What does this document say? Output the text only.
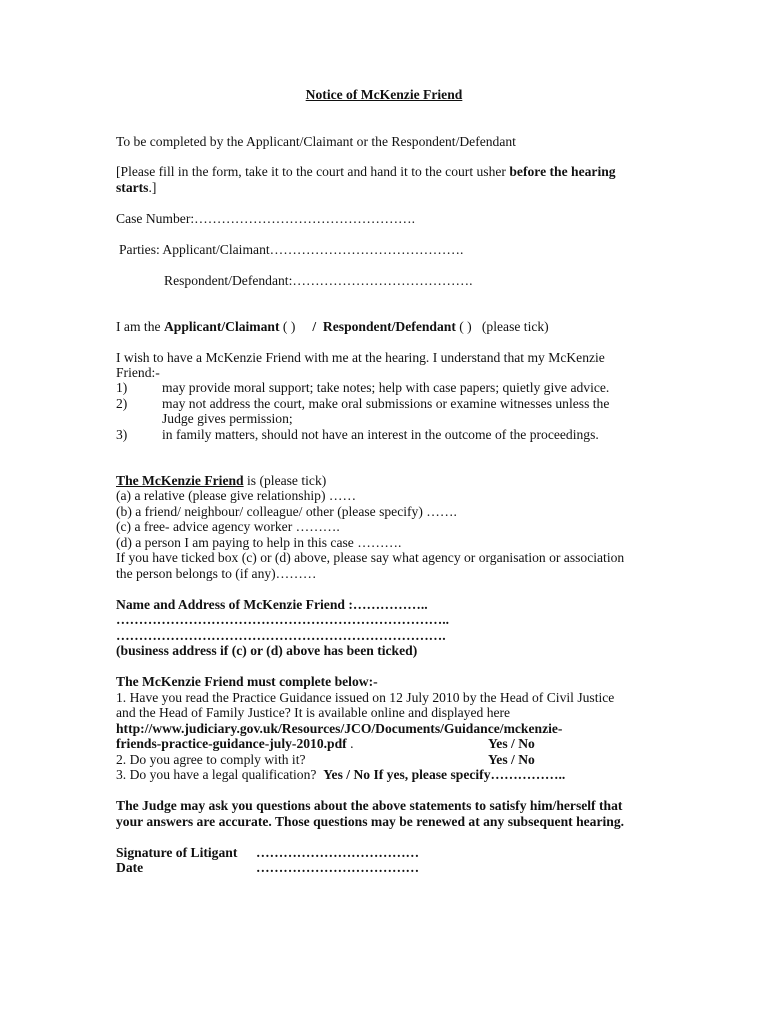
Notice of McKenzie Friend
To be completed by the Applicant/Claimant or the Respondent/Defendant
[Please fill in the form, take it to the court and hand it to the court usher before the hearing
starts.]
Case Number:………………………………………….
Parties: Applicant/Claimant…………………………………….
Respondent/Defendant:………………………………….
I am the Applicant/Claimant ( )     /  Respondent/Defendant ( )   (please tick)
I wish to have a McKenzie Friend with me at the hearing. I understand that my McKenzie
Friend:-
1)	may provide moral support; take notes; help with case papers; quietly give advice.
2)	may not address the court, make oral submissions or examine witnesses unless the
Judge gives permission;
3)	in family matters, should not have an interest in the outcome of the proceedings.
The McKenzie Friend is (please tick)
(a) a relative (please give relationship) ……
(b) a friend/ neighbour/ colleague/ other (please specify) …….
(c) a free- advice agency worker ……….
(d) a person I am paying to help in this case ……….
If you have ticked box (c) or (d) above, please say what agency or organisation or association
the person belongs to (if any)………
Name and Address of McKenzie Friend :……………..
………………………………………………………………..
……………………………………………………………….
(business address if (c) or (d) above has been ticked)
The McKenzie Friend must complete below:-
1. Have you read the Practice Guidance issued on 12 July 2010 by the Head of Civil Justice
and the Head of Family Justice? It is available online and displayed here
http://www.judiciary.gov.uk/Resources/JCO/Documents/Guidance/mckenzie-
friends-practice-guidance-july-2010.pdf .	Yes / No
2. Do you agree to comply with it?	Yes / No
3. Do you have a legal qualification?  Yes / No If yes, please specify……………..
The Judge may ask you questions about the above statements to satisfy him/herself that
your answers are accurate. Those questions may be renewed at any subsequent hearing.
Signature of Litigant ………………………………
Date	………………………………
